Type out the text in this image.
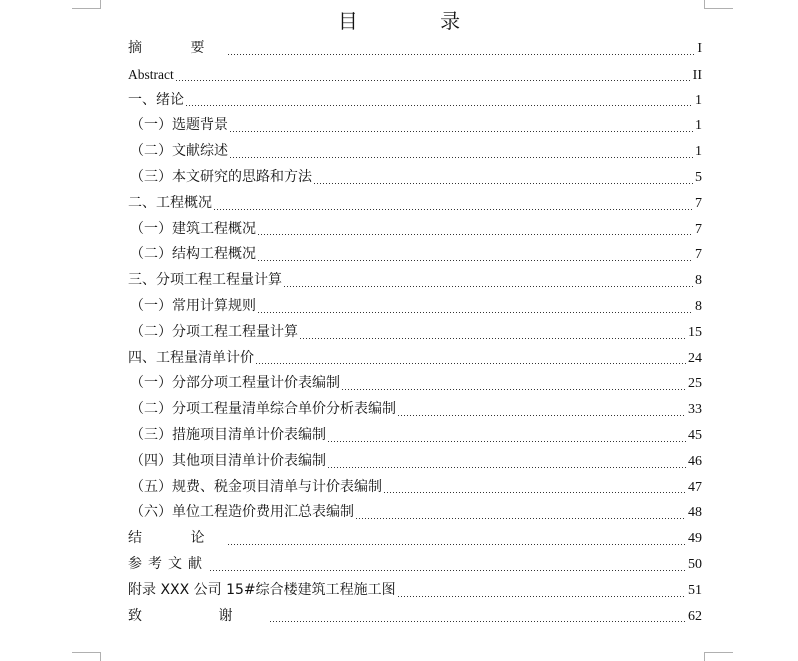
目 录
摘 要	I
Abstract	II
一、绪论	1
（一）选题背景	1
（二）文献综述	1
（三）本文研究的思路和方法	5
二、工程概况	7
（一）建筑工程概况	7
（二）结构工程概况	7
三、分项工程工程量计算	8
（一）常用计算规则	8
（二）分项工程工程量计算	15
四、工程量清单计价	24
（一）分部分项工程量计价表编制	25
（二）分项工程量清单综合单价分析表编制	33
（三）措施项目清单计价表编制	45
（四）其他项目清单计价表编制	46
（五）规费、税金项目清单与计价表编制	47
（六）单位工程造价费用汇总表编制	48
结 论	49
参考文献	50
附录 XXX 公司 15#综合楼建筑工程施工图	51
致 谢	62
